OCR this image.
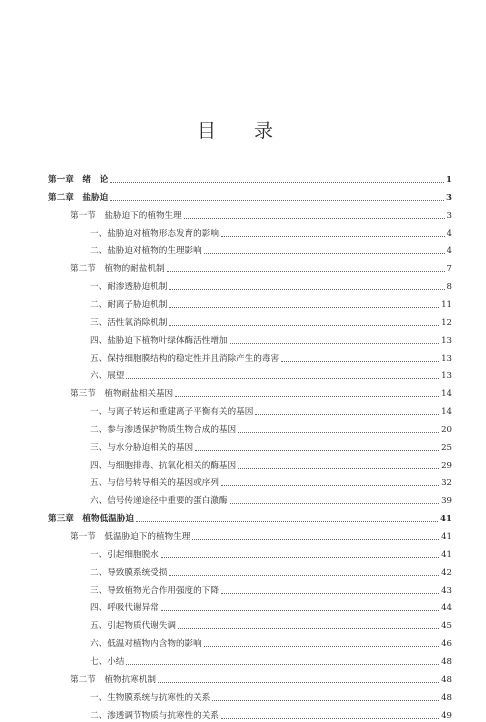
目 录
第一章　绪　论	1
第二章　盐胁迫	3
第一节　盐胁迫下的植物生理	3
一、盐胁迫对植物形态发育的影响	4
二、盐胁迫对植物的生理影响	4
第二节　植物的耐盐机制	7
一、耐渗透胁迫机制	8
二、耐离子胁迫机制	11
三、活性氧消除机制	12
四、盐胁迫下植物叶绿体酶活性增加	13
五、保持细胞膜结构的稳定性并且消除产生的毒害	13
六、展望	13
第三节　植物耐盐相关基因	14
一、与离子转运和重建离子平衡有关的基因	14
二、参与渗透保护物质生物合成的基因	20
三、与水分胁迫相关的基因	25
四、与细胞排毒、抗氧化相关的酶基因	29
五、与信号转导相关的基因或序列	32
六、信号传递途径中重要的蛋白激酶	39
第三章　植物低温胁迫	41
第一节　低温胁迫下的植物生理	41
一、引起细胞脱水	41
二、导致膜系统受损	42
三、导致植物光合作用强度的下降	43
四、呼吸代谢异常	44
五、引起物质代谢失调	45
六、低温对植物内含物的影响	46
七、小结	48
第二节　植物抗寒机制	48
一、生物膜系统与抗寒性的关系	48
二、渗透调节物质与抗寒性的关系	49
